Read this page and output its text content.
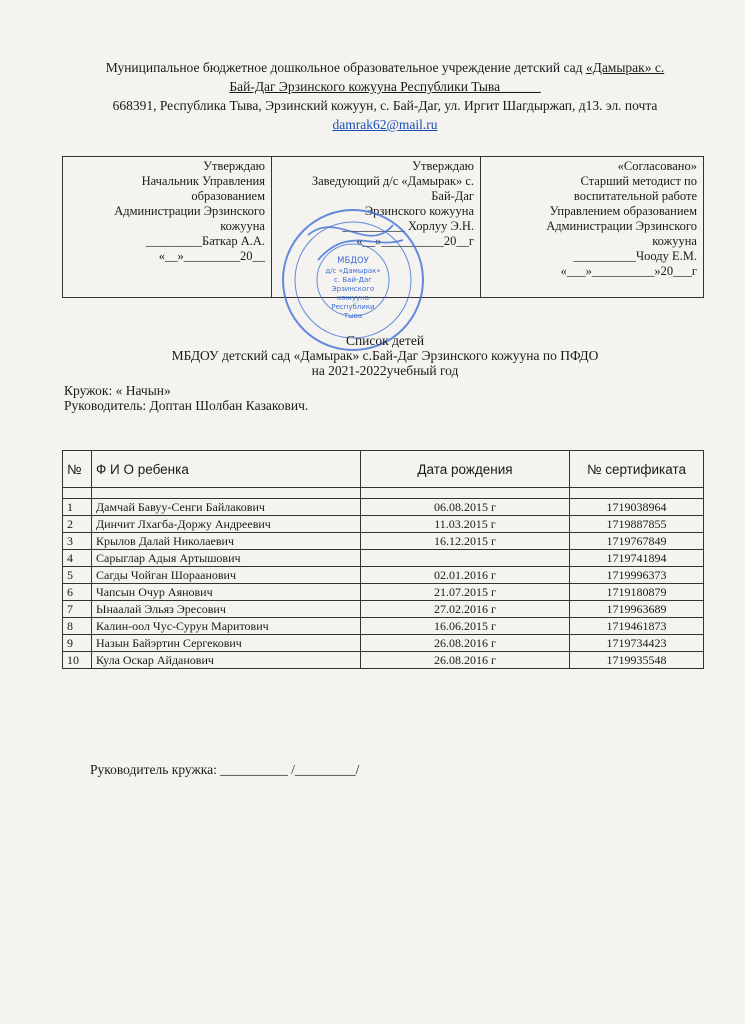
Муниципальное бюджетное дошкольное образовательное учреждение детский сад «Дамырак» с.
Бай-Даг Эрзинского кожууна Республики Тыва______
668391, Республика Тыва, Эрзинский кожуун, с. Бай-Даг, ул. Иргит Шагдыржап, д13. эл. почта
damrak62@mail.ru
Утверждаю
Начальник Управления
образованием
Администрации Эрзинского
кожууна
_________Баткар А.А.
«__»_________20__

Утверждаю
Заведующий д/с «Дамырак» с.
Бай-Даг
Эрзинского кожууна
__________ Хорлуу Э.Н.
«__»__________20__г

«Согласовано»
Старший методист по
воспитательной работе
Управлением образованием
Администрации Эрзинского
кожууна
__________Чооду Е.М.
«___»__________»20___г
МБДОУ
д/с «Дамырак»
с. Бай-Даг
Эрзинского
кожууна
Республики
Тыва
Список детей
МБДОУ детский сад «Дамырак» с.Бай-Даг Эрзинского кожууна по ПФДО
на 2021-2022учебный год
Кружок: « Начын»
Руководитель: Доптан Шолбан Казакович.
№	Ф И О ребенка	Дата рождения	№ сертификата

1	Дамчай Бавуу-Сенги Байлакович	06.08.2015 г	1719038964
2	Динчит Лхагба-Доржу Андреевич	11.03.2015 г	1719887855
3	Крылов Далай Николаевич	16.12.2015 г	1719767849
4	Сарыглар Адыя Артышович		1719741894
5	Сагды Чойган Шораанович	02.01.2016 г	1719996373
6	Чапсын Очур Аянович	21.07.2015 г	1719180879
7	Ынаалай Эльяз Эресович	27.02.2016 г	1719963689
8	Калин-оол Чус-Сурун Маритович	16.06.2015 г	1719461873
9	Назын Байэртин Сергекович	26.08.2016 г	1719734423
10	Кула Оскар Айданович	26.08.2016 г	1719935548
Руководитель кружка: __________ /_________/
